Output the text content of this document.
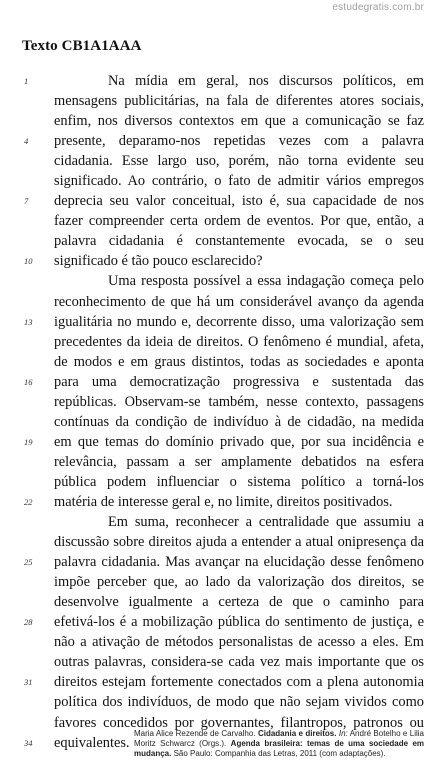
estudegratis.com.br
Texto CB1A1AAA
1	Na mídia em geral, nos discursos políticos, em
mensagens publicitárias, na fala de diferentes atores sociais,
enfim, nos diversos contextos em que a comunicação se faz
4	presente, deparamo-nos repetidas vezes com a palavra
cidadania. Esse largo uso, porém, não torna evidente seu
significado. Ao contrário, o fato de admitir vários empregos
7	deprecia seu valor conceitual, isto é, sua capacidade de nos
fazer compreender certa ordem de eventos. Por que, então, a
palavra cidadania é constantemente evocada, se o seu
10	significado é tão pouco esclarecido?
Uma resposta possível a essa indagação começa pelo
reconhecimento de que há um considerável avanço da agenda
13	igualitária no mundo e, decorrente disso, uma valorização sem
precedentes da ideia de direitos. O fenômeno é mundial, afeta,
de modos e em graus distintos, todas as sociedades e aponta
16	para uma democratização progressiva e sustentada das
repúblicas. Observam-se também, nesse contexto, passagens
contínuas da condição de indivíduo à de cidadão, na medida
19	em que temas do domínio privado que, por sua incidência e
relevância, passam a ser amplamente debatidos na esfera
pública podem influenciar o sistema político a torná-los
22	matéria de interesse geral e, no limite, direitos positivados.
Em suma, reconhecer a centralidade que assumiu a
discussão sobre direitos ajuda a entender a atual onipresença da
25	palavra cidadania. Mas avançar na elucidação desse fenômeno
impõe perceber que, ao lado da valorização dos direitos, se
desenvolve igualmente a certeza de que o caminho para
28	efetivá-los é a mobilização pública do sentimento de justiça, e
não a ativação de métodos personalistas de acesso a eles. Em
outras palavras, considera-se cada vez mais importante que os
31	direitos estejam fortemente conectados com a plena autonomia
política dos indivíduos, de modo que não sejam vividos como
favores concedidos por governantes, filantropos, patronos ou
34	equivalentes.
Maria Alice Rezende de Carvalho. Cidadania e direitos. In: André Botelho e Lilia Moritz Schwarcz (Orgs.). Agenda brasileira: temas de uma sociedade em mudança. São Paulo: Companhia das Letras, 2011 (com adaptações).
